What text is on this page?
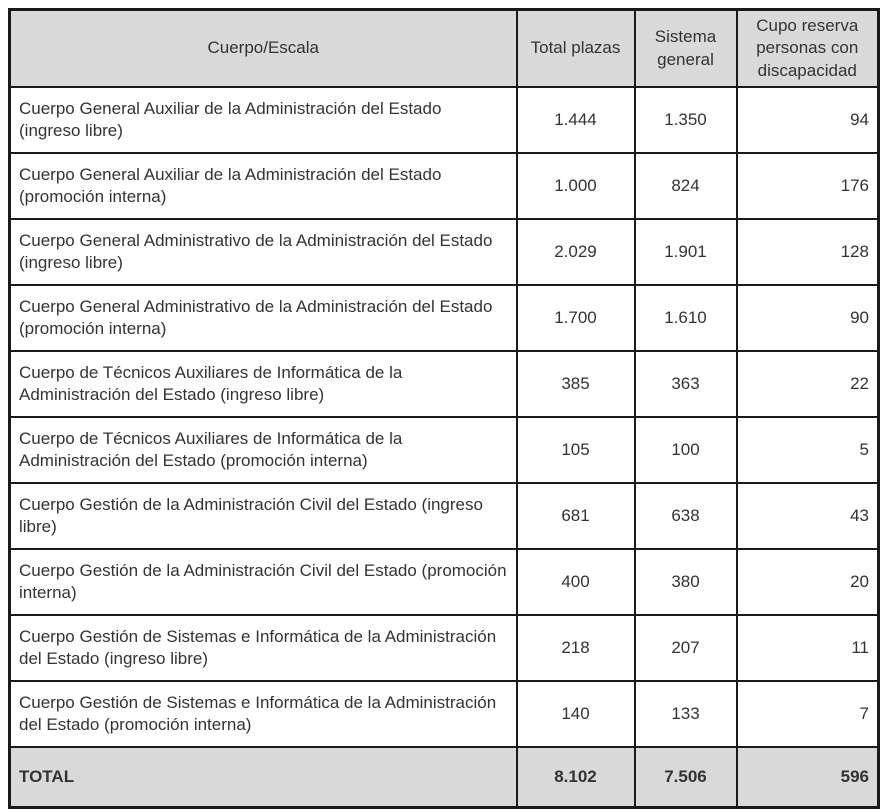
Cuerpo/Escala	Total plazas	Sistema general	Cupo reserva personas con discapacidad
Cuerpo General Auxiliar de la Administración del Estado (ingreso libre)	1.444	1.350	94
Cuerpo General Auxiliar de la Administración del Estado (promoción interna)	1.000	824	176
Cuerpo General Administrativo de la Administración del Estado (ingreso libre)	2.029	1.901	128
Cuerpo General Administrativo de la Administración del Estado (promoción interna)	1.700	1.610	90
Cuerpo de Técnicos Auxiliares de Informática de la Administración del Estado (ingreso libre)	385	363	22
Cuerpo de Técnicos Auxiliares de Informática de la Administración del Estado (promoción interna)	105	100	5
Cuerpo Gestión de la Administración Civil del Estado (ingreso libre)	681	638	43
Cuerpo Gestión de la Administración Civil del Estado (promoción interna)	400	380	20
Cuerpo Gestión de Sistemas e Informática de la Administración del Estado (ingreso libre)	218	207	11
Cuerpo Gestión de Sistemas e Informática de la Administración del Estado (promoción interna)	140	133	7
TOTAL	8.102	7.506	596
